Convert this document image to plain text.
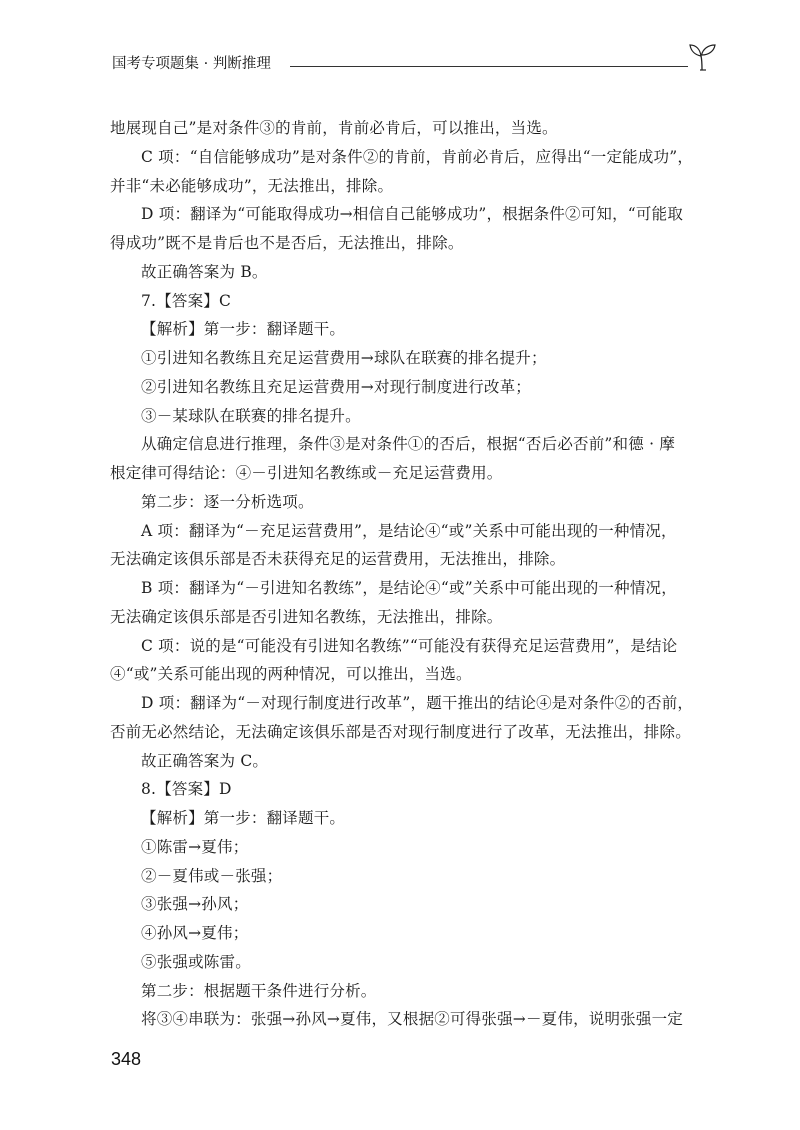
国考专项题集 · 判断推理
地展现自己”是对条件③的肯前，肯前必肯后，可以推出，当选。
C 项：“自信能够成功”是对条件②的肯前，肯前必肯后，应得出“一定能成功”，
并非“未必能够成功”，无法推出，排除。
D 项：翻译为“可能取得成功→相信自己能够成功”，根据条件②可知，“可能取
得成功”既不是肯后也不是否后，无法推出，排除。
故正确答案为 B。
7.【答案】C
【解析】第一步：翻译题干。
①引进知名教练且充足运营费用→球队在联赛的排名提升；
②引进知名教练且充足运营费用→对现行制度进行改革；
③－某球队在联赛的排名提升。
从确定信息进行推理，条件③是对条件①的否后，根据“否后必否前”和德 · 摩
根定律可得结论：④－引进知名教练或－充足运营费用。
第二步：逐一分析选项。
A 项：翻译为“－充足运营费用”，是结论④“或”关系中可能出现的一种情况，
无法确定该俱乐部是否未获得充足的运营费用，无法推出，排除。
B 项：翻译为“－引进知名教练”，是结论④“或”关系中可能出现的一种情况，
无法确定该俱乐部是否引进知名教练，无法推出，排除。
C 项：说的是“可能没有引进知名教练”“可能没有获得充足运营费用”，是结论
④“或”关系可能出现的两种情况，可以推出，当选。
D 项：翻译为“－对现行制度进行改革”，题干推出的结论④是对条件②的否前，
否前无必然结论，无法确定该俱乐部是否对现行制度进行了改革，无法推出，排除。
故正确答案为 C。
8.【答案】D
【解析】第一步：翻译题干。
①陈雷→夏伟；
②－夏伟或－张强；
③张强→孙风；
④孙风→夏伟；
⑤张强或陈雷。
第二步：根据题干条件进行分析。
将③④串联为：张强→孙风→夏伟，又根据②可得张强→－夏伟，说明张强一定
348
